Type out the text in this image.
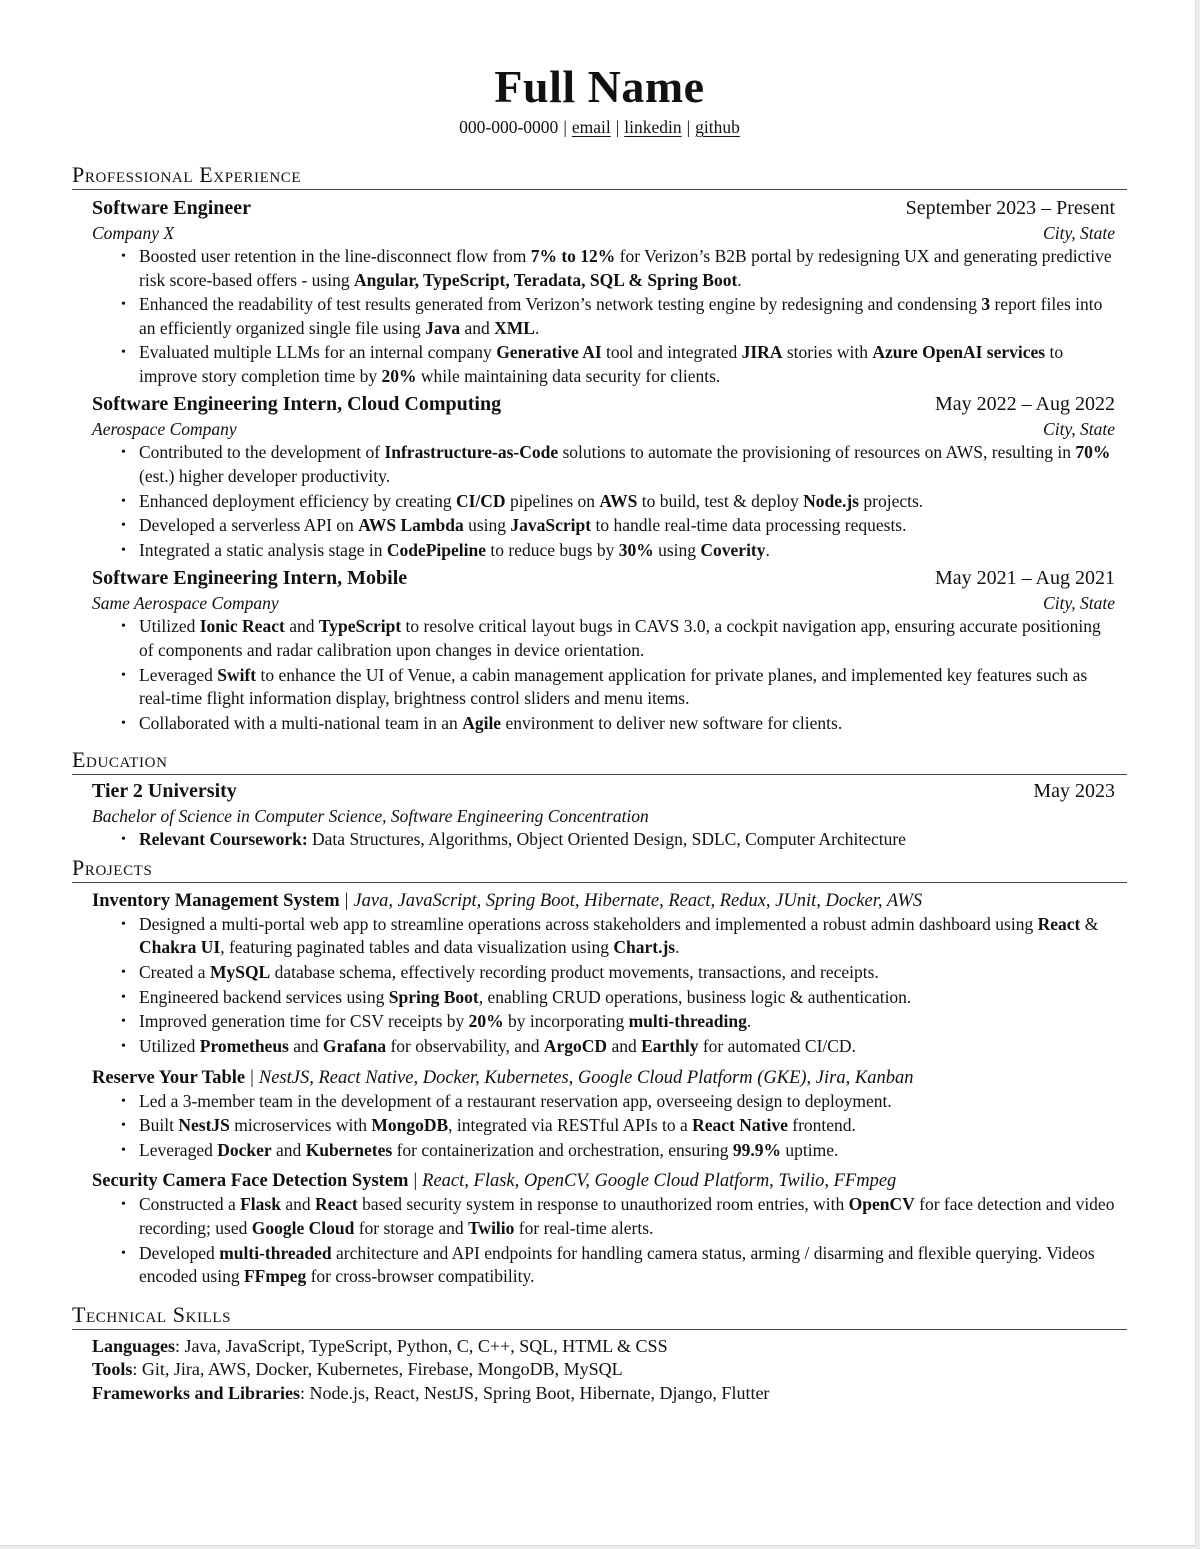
Full Name
000-000-0000 | email | linkedin | github
Professional Experience
Software Engineer	September 2023 – Present
Company X	City, State
• Boosted user retention in the line-disconnect flow from 7% to 12% for Verizon’s B2B portal by redesigning UX and generating predictive risk score-based offers - using Angular, TypeScript, Teradata, SQL & Spring Boot.
• Enhanced the readability of test results generated from Verizon’s network testing engine by redesigning and condensing 3 report files into an efficiently organized single file using Java and XML.
• Evaluated multiple LLMs for an internal company Generative AI tool and integrated JIRA stories with Azure OpenAI services to improve story completion time by 20% while maintaining data security for clients.
Software Engineering Intern, Cloud Computing	May 2022 – Aug 2022
Aerospace Company	City, State
• Contributed to the development of Infrastructure-as-Code solutions to automate the provisioning of resources on AWS, resulting in 70% (est.) higher developer productivity.
• Enhanced deployment efficiency by creating CI/CD pipelines on AWS to build, test & deploy Node.js projects.
• Developed a serverless API on AWS Lambda using JavaScript to handle real-time data processing requests.
• Integrated a static analysis stage in CodePipeline to reduce bugs by 30% using Coverity.
Software Engineering Intern, Mobile	May 2021 – Aug 2021
Same Aerospace Company	City, State
• Utilized Ionic React and TypeScript to resolve critical layout bugs in CAVS 3.0, a cockpit navigation app, ensuring accurate positioning of components and radar calibration upon changes in device orientation.
• Leveraged Swift to enhance the UI of Venue, a cabin management application for private planes, and implemented key features such as real-time flight information display, brightness control sliders and menu items.
• Collaborated with a multi-national team in an Agile environment to deliver new software for clients.
Education
Tier 2 University	May 2023
Bachelor of Science in Computer Science, Software Engineering Concentration
• Relevant Coursework: Data Structures, Algorithms, Object Oriented Design, SDLC, Computer Architecture
Projects
Inventory Management System | Java, JavaScript, Spring Boot, Hibernate, React, Redux, JUnit, Docker, AWS
• Designed a multi-portal web app to streamline operations across stakeholders and implemented a robust admin dashboard using React & Chakra UI, featuring paginated tables and data visualization using Chart.js.
• Created a MySQL database schema, effectively recording product movements, transactions, and receipts.
• Engineered backend services using Spring Boot, enabling CRUD operations, business logic & authentication.
• Improved generation time for CSV receipts by 20% by incorporating multi-threading.
• Utilized Prometheus and Grafana for observability, and ArgoCD and Earthly for automated CI/CD.
Reserve Your Table | NestJS, React Native, Docker, Kubernetes, Google Cloud Platform (GKE), Jira, Kanban
• Led a 3-member team in the development of a restaurant reservation app, overseeing design to deployment.
• Built NestJS microservices with MongoDB, integrated via RESTful APIs to a React Native frontend.
• Leveraged Docker and Kubernetes for containerization and orchestration, ensuring 99.9% uptime.
Security Camera Face Detection System | React, Flask, OpenCV, Google Cloud Platform, Twilio, FFmpeg
• Constructed a Flask and React based security system in response to unauthorized room entries, with OpenCV for face detection and video recording; used Google Cloud for storage and Twilio for real-time alerts.
• Developed multi-threaded architecture and API endpoints for handling camera status, arming / disarming and flexible querying. Videos encoded using FFmpeg for cross-browser compatibility.
Technical Skills
Languages: Java, JavaScript, TypeScript, Python, C, C++, SQL, HTML & CSS
Tools: Git, Jira, AWS, Docker, Kubernetes, Firebase, MongoDB, MySQL
Frameworks and Libraries: Node.js, React, NestJS, Spring Boot, Hibernate, Django, Flutter
